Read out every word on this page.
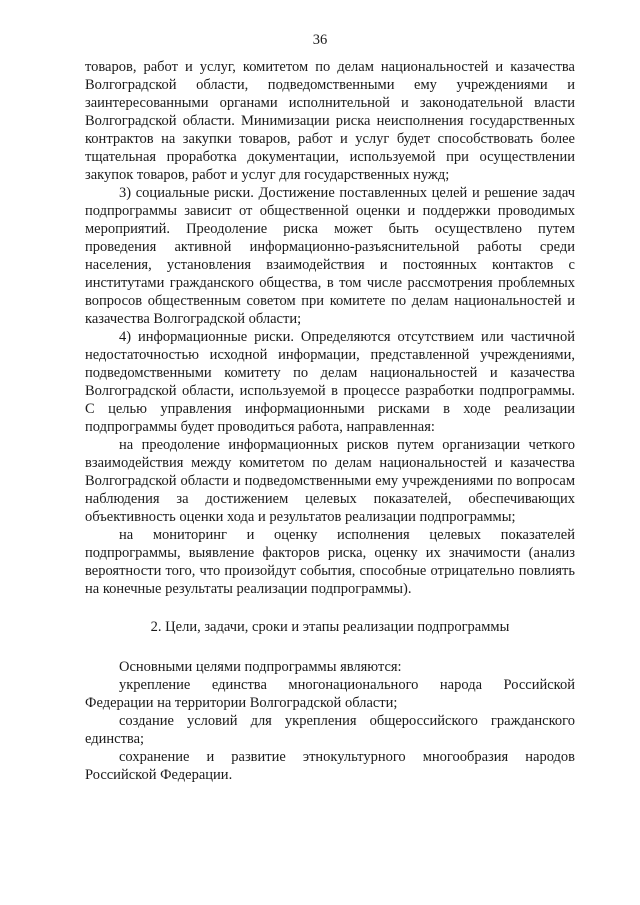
36

товаров, работ и услуг, комитетом по делам национальностей и казачества Волгоградской области, подведомственными ему учреждениями и заинтересованными органами исполнительной и законодательной власти Волгоградской области. Минимизации риска неисполнения государственных контрактов на закупки товаров, работ и услуг будет способствовать более тщательная проработка документации, используемой при осуществлении закупок товаров, работ и услуг для государственных нужд;

3) социальные риски. Достижение поставленных целей и решение задач подпрограммы зависит от общественной оценки и поддержки проводимых мероприятий. Преодоление риска может быть осуществлено путем проведения активной информационно-разъяснительной работы среди населения, установления взаимодействия и постоянных контактов с институтами гражданского общества, в том числе рассмотрения проблемных вопросов общественным советом при комитете по делам национальностей и казачества Волгоградской области;

4) информационные риски. Определяются отсутствием или частичной недостаточностью исходной информации, представленной учреждениями, подведомственными комитету по делам национальностей и казачества Волгоградской области, используемой в процессе разработки подпрограммы. С целью управления информационными рисками в ходе реализации подпрограммы будет проводиться работа, направленная:

на преодоление информационных рисков путем организации четкого взаимодействия между комитетом по делам национальностей и казачества Волгоградской области и подведомственными ему учреждениями по вопросам наблюдения за достижением целевых показателей, обеспечивающих объективность оценки хода и результатов реализации подпрограммы;

на мониторинг и оценку исполнения целевых показателей подпрограммы, выявление факторов риска, оценку их значимости (анализ вероятности того, что произойдут события, способные отрицательно повлиять на конечные результаты реализации подпрограммы).

2. Цели, задачи, сроки и этапы реализации подпрограммы

Основными целями подпрограммы являются:

укрепление единства многонационального народа Российской Федерации на территории Волгоградской области;

создание условий для укрепления общероссийского гражданского единства;

сохранение и развитие этнокультурного многообразия народов Российской Федерации.
